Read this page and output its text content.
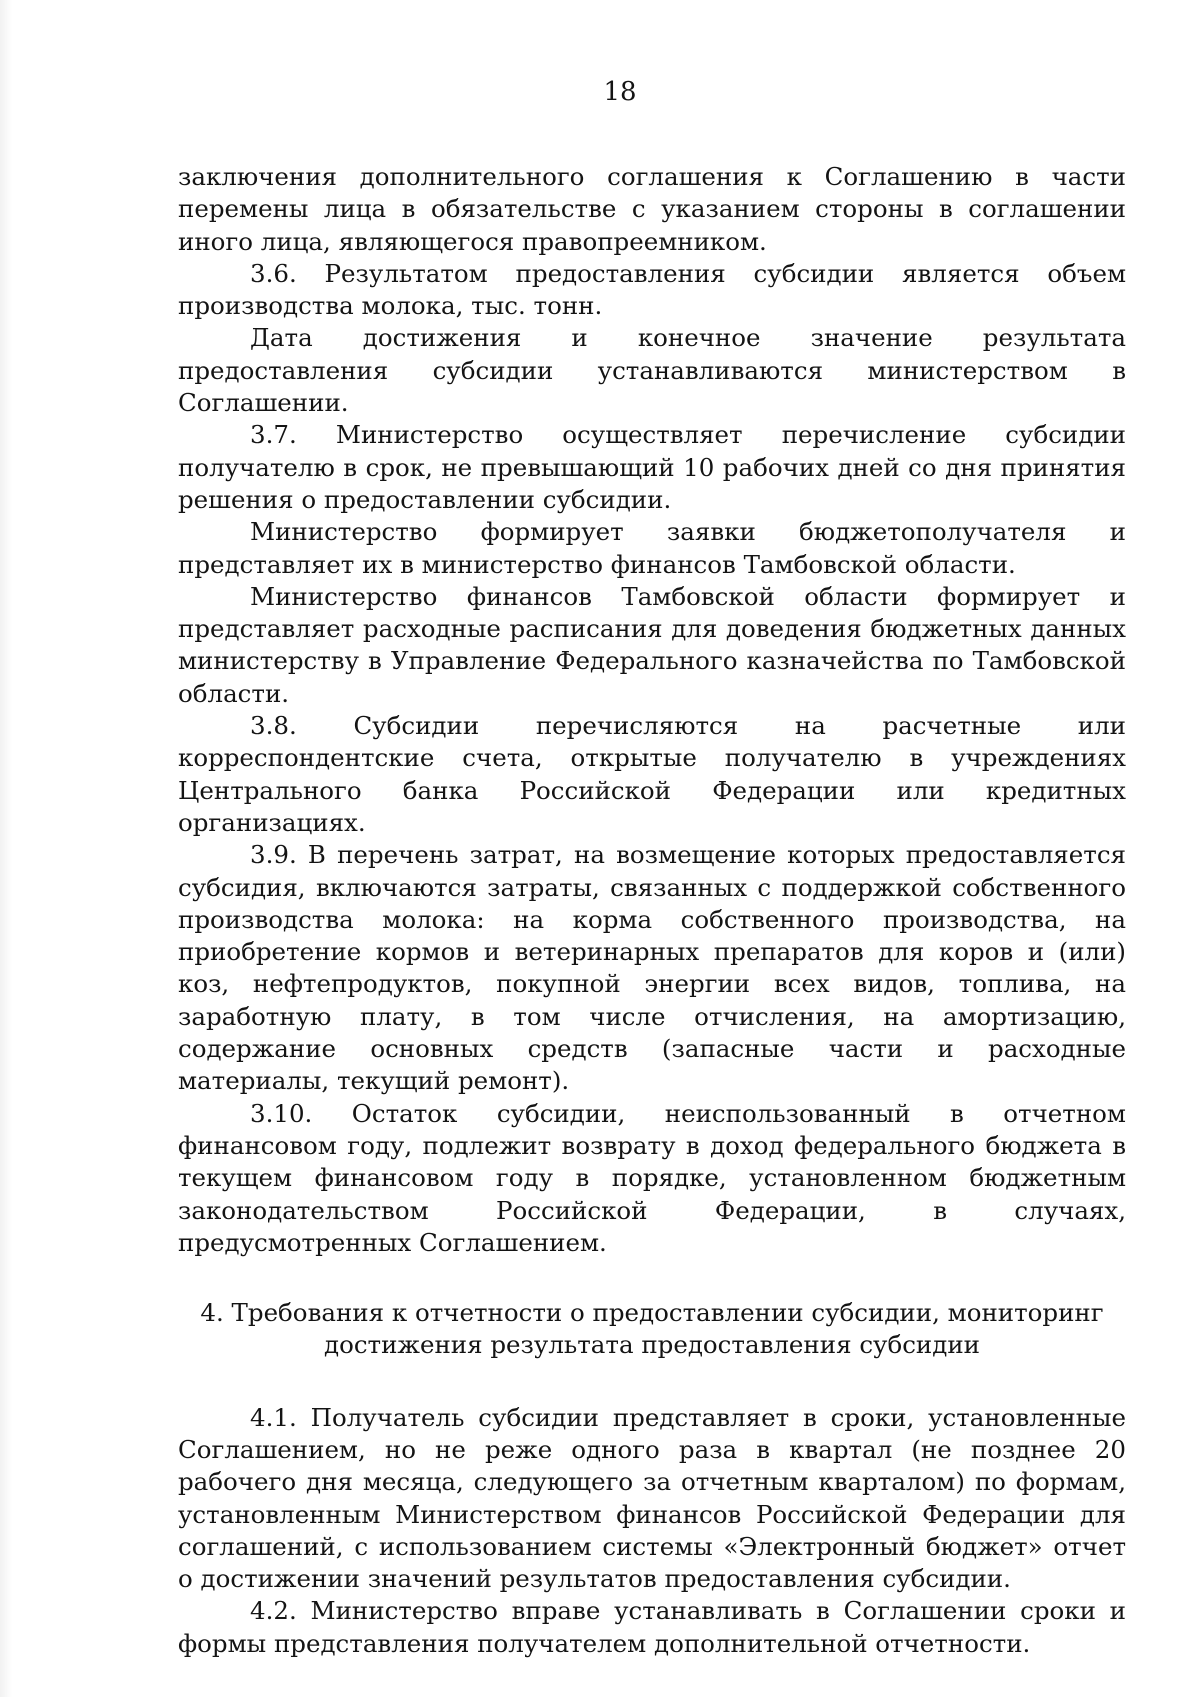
18

заключения дополнительного соглашения к Соглашению в части перемены лица в обязательстве с указанием стороны в соглашении иного лица, являющегося правопреемником.

3.6. Результатом предоставления субсидии является объем производства молока, тыс. тонн.

Дата достижения и конечное значение результата предоставления субсидии устанавливаются министерством в Соглашении.

3.7. Министерство осуществляет перечисление субсидии получателю в срок, не превышающий 10 рабочих дней со дня принятия решения о предоставлении субсидии.

Министерство формирует заявки бюджетополучателя и представляет их в министерство финансов Тамбовской области.

Министерство финансов Тамбовской области формирует и представляет расходные расписания для доведения бюджетных данных министерству в Управление Федерального казначейства по Тамбовской области.

3.8. Субсидии перечисляются на расчетные или корреспондентские счета, открытые получателю в учреждениях Центрального банка Российской Федерации или кредитных организациях.

3.9. В перечень затрат, на возмещение которых предоставляется субсидия, включаются затраты, связанных с поддержкой собственного производства молока: на корма собственного производства, на приобретение кормов и ветеринарных препаратов для коров и (или) коз, нефтепродуктов, покупной энергии всех видов, топлива, на заработную плату, в том числе отчисления, на амортизацию, содержание основных средств (запасные части и расходные материалы, текущий ремонт).

3.10. Остаток субсидии, неиспользованный в отчетном финансовом году, подлежит возврату в доход федерального бюджета в текущем финансовом году в порядке, установленном бюджетным законодательством Российской Федерации, в случаях, предусмотренных Соглашением.

4. Требования к отчетности о предоставлении субсидии, мониторинг
достижения результата предоставления субсидии

4.1. Получатель субсидии представляет в сроки, установленные Соглашением, но не реже одного раза в квартал (не позднее 20 рабочего дня месяца, следующего за отчетным кварталом) по формам, установленным Министерством финансов Российской Федерации для соглашений, с использованием системы «Электронный бюджет» отчет о достижении значений результатов предоставления субсидии.

4.2. Министерство вправе устанавливать в Соглашении сроки и формы представления получателем дополнительной отчетности.
